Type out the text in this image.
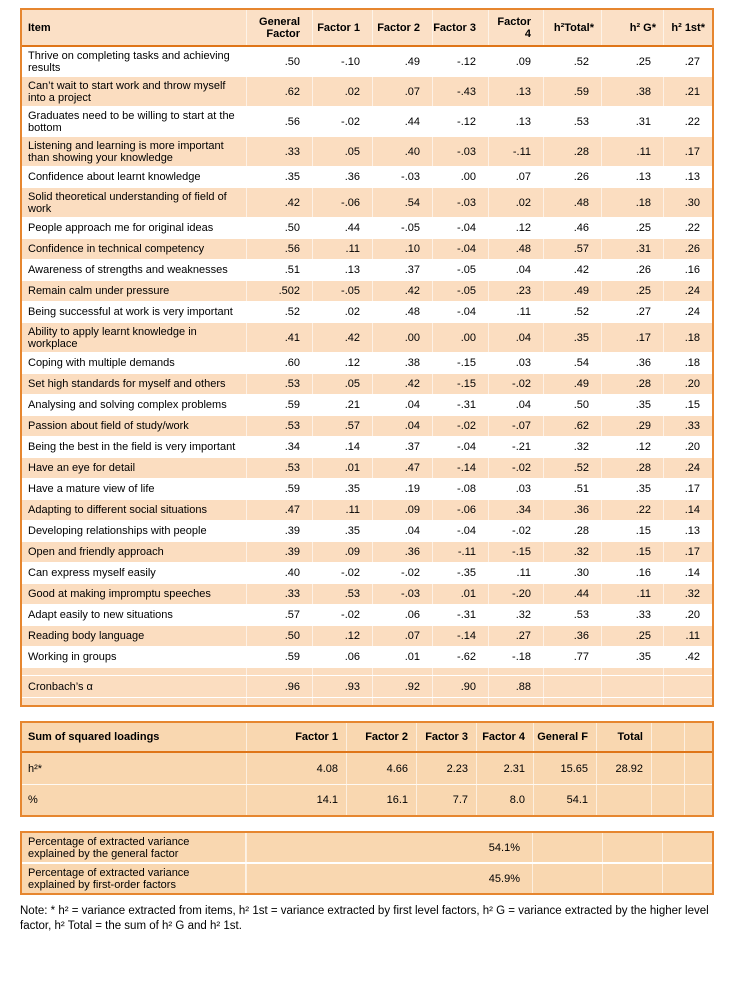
Item	General Factor	Factor 1	Factor 2	Factor 3	Factor 4	h²Total*	h² G*	h² 1st*
Thrive on completing tasks and achieving results	.50	-.10	.49	-.12	.09	.52	.25	.27
Can’t wait to start work and throw myself into a project	.62	.02	.07	-.43	.13	.59	.38	.21
Graduates need to be willing to start at the bottom	.56	-.02	.44	-.12	.13	.53	.31	.22
Listening and learning is more important than showing your knowledge	.33	.05	.40	-.03	-.11	.28	.11	.17
Confidence about learnt knowledge	.35	.36	-.03	.00	.07	.26	.13	.13
Solid theoretical understanding of field of work	.42	-.06	.54	-.03	.02	.48	.18	.30
People approach me for original ideas	.50	.44	-.05	-.04	.12	.46	.25	.22
Confidence in technical competency	.56	.11	.10	-.04	.48	.57	.31	.26
Awareness of strengths and weaknesses	.51	.13	.37	-.05	.04	.42	.26	.16
Remain calm under pressure	.502	-.05	.42	-.05	.23	.49	.25	.24
Being successful at work is very important	.52	.02	.48	-.04	.11	.52	.27	.24
Ability to apply learnt knowledge in workplace	.41	.42	.00	.00	.04	.35	.17	.18
Coping with multiple demands	.60	.12	.38	-.15	.03	.54	.36	.18
Set high standards for myself and others	.53	.05	.42	-.15	-.02	.49	.28	.20
Analysing and solving complex problems	.59	.21	.04	-.31	.04	.50	.35	.15
Passion about field of study/work	.53	.57	.04	-.02	-.07	.62	.29	.33
Being the best in the field is very important	.34	.14	.37	-.04	-.21	.32	.12	.20
Have an eye for detail	.53	.01	.47	-.14	-.02	.52	.28	.24
Have a mature view of life	.59	.35	.19	-.08	.03	.51	.35	.17
Adapting to different social situations	.47	.11	.09	-.06	.34	.36	.22	.14
Developing relationships with people	.39	.35	.04	-.04	-.02	.28	.15	.13
Open and friendly approach	.39	.09	.36	-.11	-.15	.32	.15	.17
Can express myself easily	.40	-.02	-.02	-.35	.11	.30	.16	.14
Good at making impromptu speeches	.33	.53	-.03	.01	-.20	.44	.11	.32
Adapt easily to new situations	.57	-.02	.06	-.31	.32	.53	.33	.20
Reading body language	.50	.12	.07	-.14	.27	.36	.25	.11
Working in groups	.59	.06	.01	-.62	-.18	.77	.35	.42
Cronbach’s α	.96	.93	.92	.90	.88
Sum of squared loadings	Factor 1	Factor 2	Factor 3	Factor 4	General F	Total
h²*	4.08	4.66	2.23	2.31	15.65	28.92
%	14.1	16.1	7.7	8.0	54.1
Percentage of extracted variance explained by the general factor	54.1%
Percentage of extracted variance explained by first-order factors	45.9%

Note: * h² = variance extracted from items, h² 1st = variance extracted by first level factors, h² G = variance extracted by the higher level factor, h² Total = the sum of h² G and h² 1st.
